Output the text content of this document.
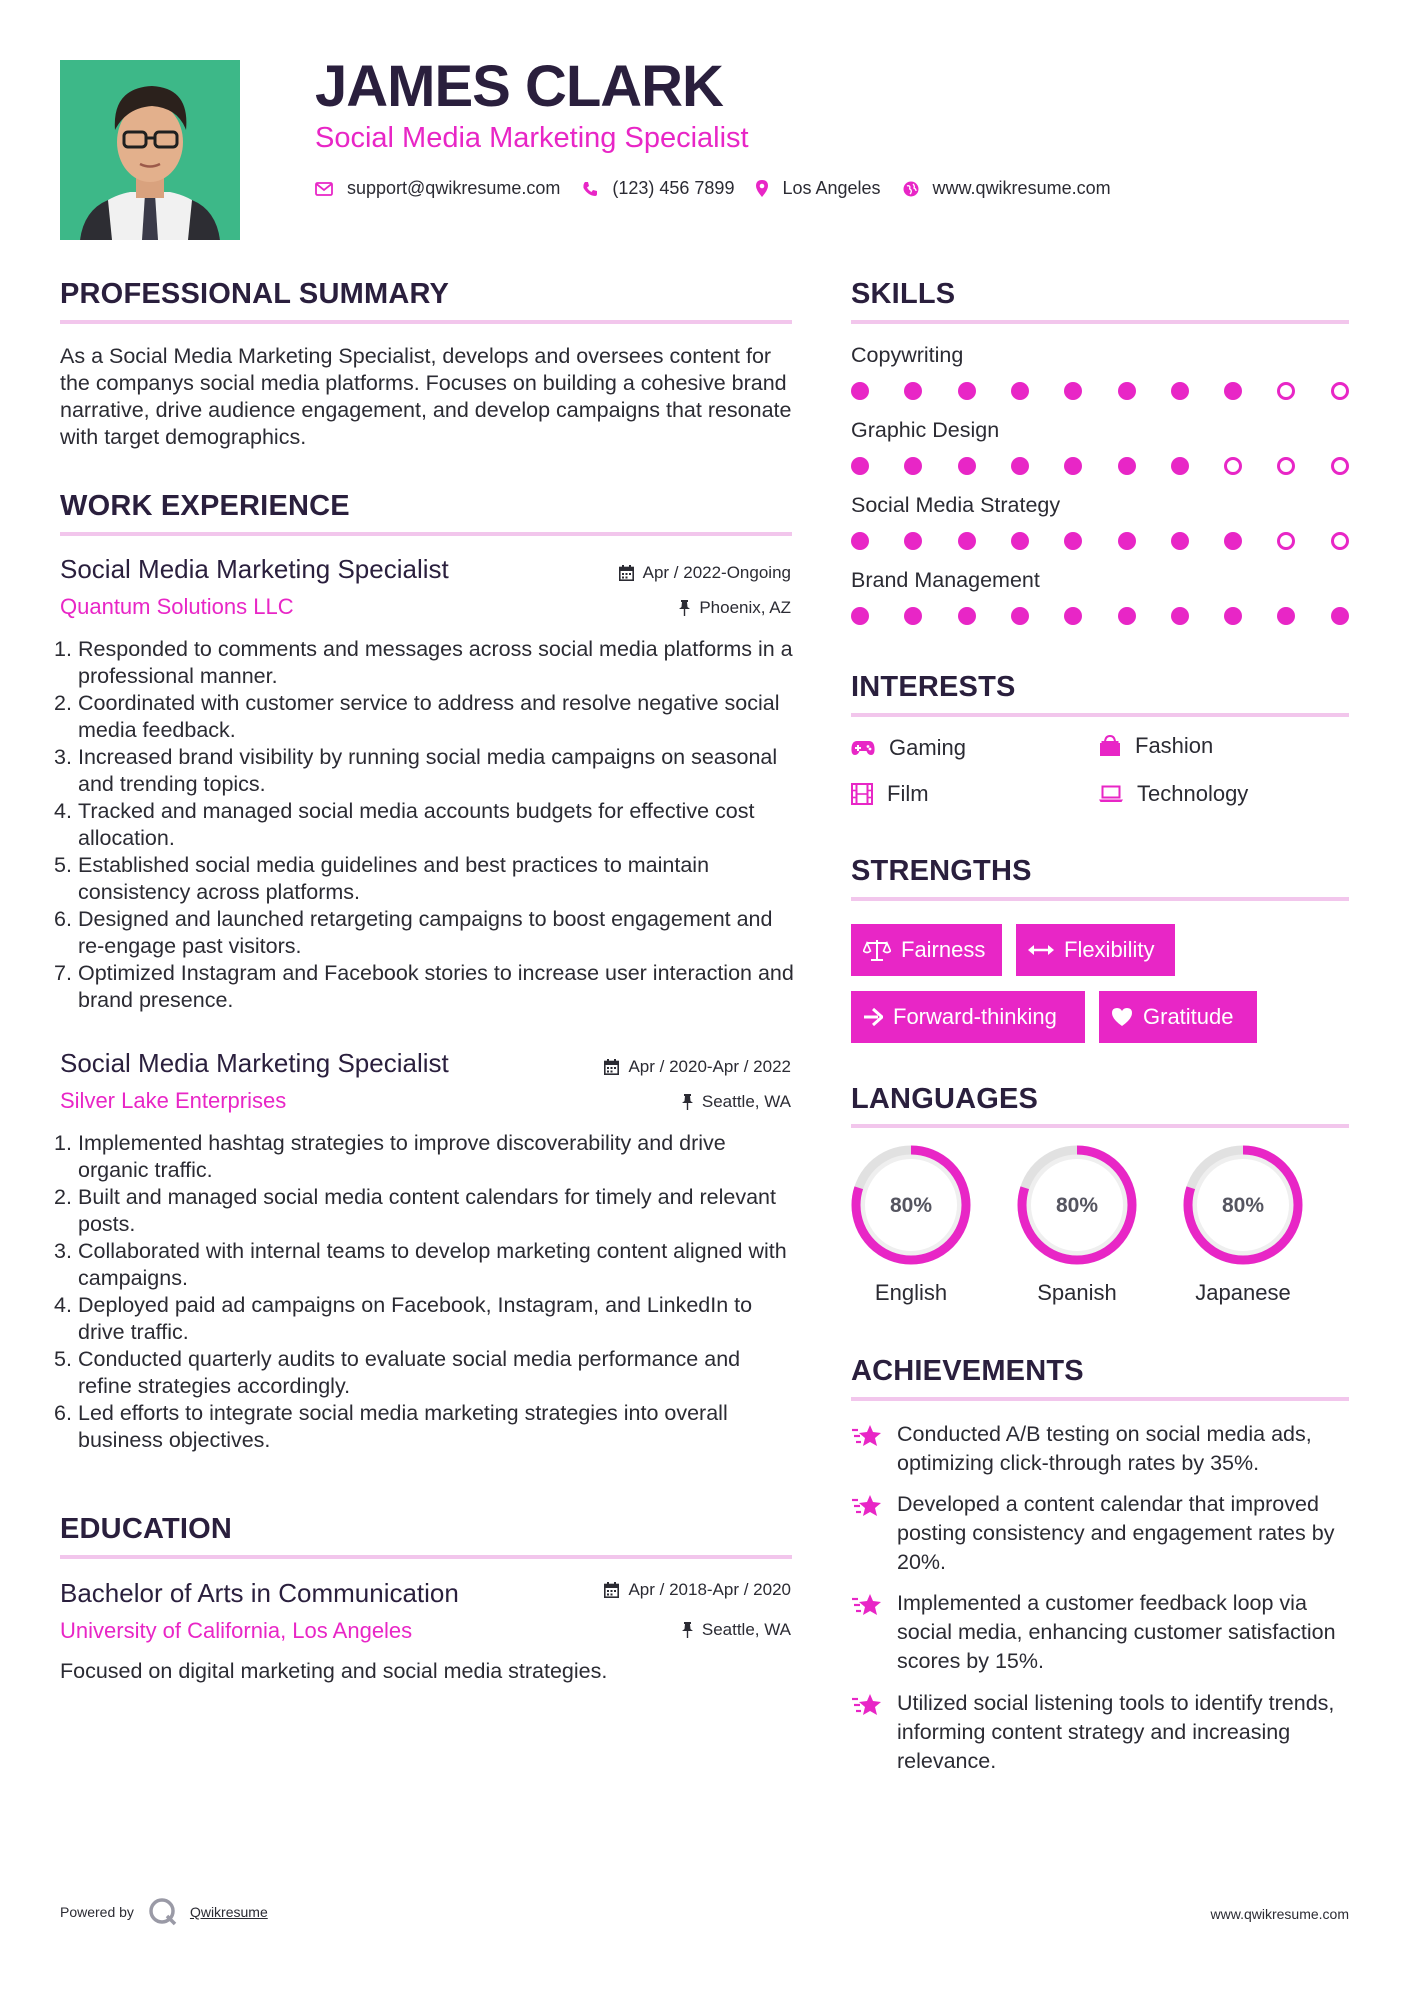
JAMES CLARK
Social Media Marketing Specialist
support@qwikresume.com	(123) 456 7899	Los Angeles	www.qwikresume.com
PROFESSIONAL SUMMARY
As a Social Media Marketing Specialist, develops and oversees content for the companys social media platforms. Focuses on building a cohesive brand narrative, drive audience engagement, and develop campaigns that resonate with target demographics.
WORK EXPERIENCE
Social Media Marketing Specialist
Quantum Solutions LLC
Apr / 2022-Ongoing
Phoenix, AZ
1. Responded to comments and messages across social media platforms in a professional manner.
2. Coordinated with customer service to address and resolve negative social media feedback.
3. Increased brand visibility by running social media campaigns on seasonal and trending topics.
4. Tracked and managed social media accounts budgets for effective cost allocation.
5. Established social media guidelines and best practices to maintain consistency across platforms.
6. Designed and launched retargeting campaigns to boost engagement and re-engage past visitors.
7. Optimized Instagram and Facebook stories to increase user interaction and brand presence.
Social Media Marketing Specialist
Silver Lake Enterprises
Apr / 2020-Apr / 2022
Seattle, WA
1. Implemented hashtag strategies to improve discoverability and drive organic traffic.
2. Built and managed social media content calendars for timely and relevant posts.
3. Collaborated with internal teams to develop marketing content aligned with campaigns.
4. Deployed paid ad campaigns on Facebook, Instagram, and LinkedIn to drive traffic.
5. Conducted quarterly audits to evaluate social media performance and refine strategies accordingly.
6. Led efforts to integrate social media marketing strategies into overall business objectives.
EDUCATION
Bachelor of Arts in Communication
University of California, Los Angeles
Apr / 2018-Apr / 2020
Seattle, WA
Focused on digital marketing and social media strategies.
SKILLS
Copywriting
Graphic Design
Social Media Strategy
Brand Management
INTERESTS
Gaming	Fashion
Film	Technology
STRENGTHS
Fairness	Flexibility
Forward-thinking	Gratitude
LANGUAGES
80%
English
80%
Spanish
80%
Japanese
ACHIEVEMENTS
Conducted A/B testing on social media ads, optimizing click-through rates by 35%.
Developed a content calendar that improved posting consistency and engagement rates by 20%.
Implemented a customer feedback loop via social media, enhancing customer satisfaction scores by 15%.
Utilized social listening tools to identify trends, informing content strategy and increasing relevance.
Powered by	Qwikresume	www.qwikresume.com
